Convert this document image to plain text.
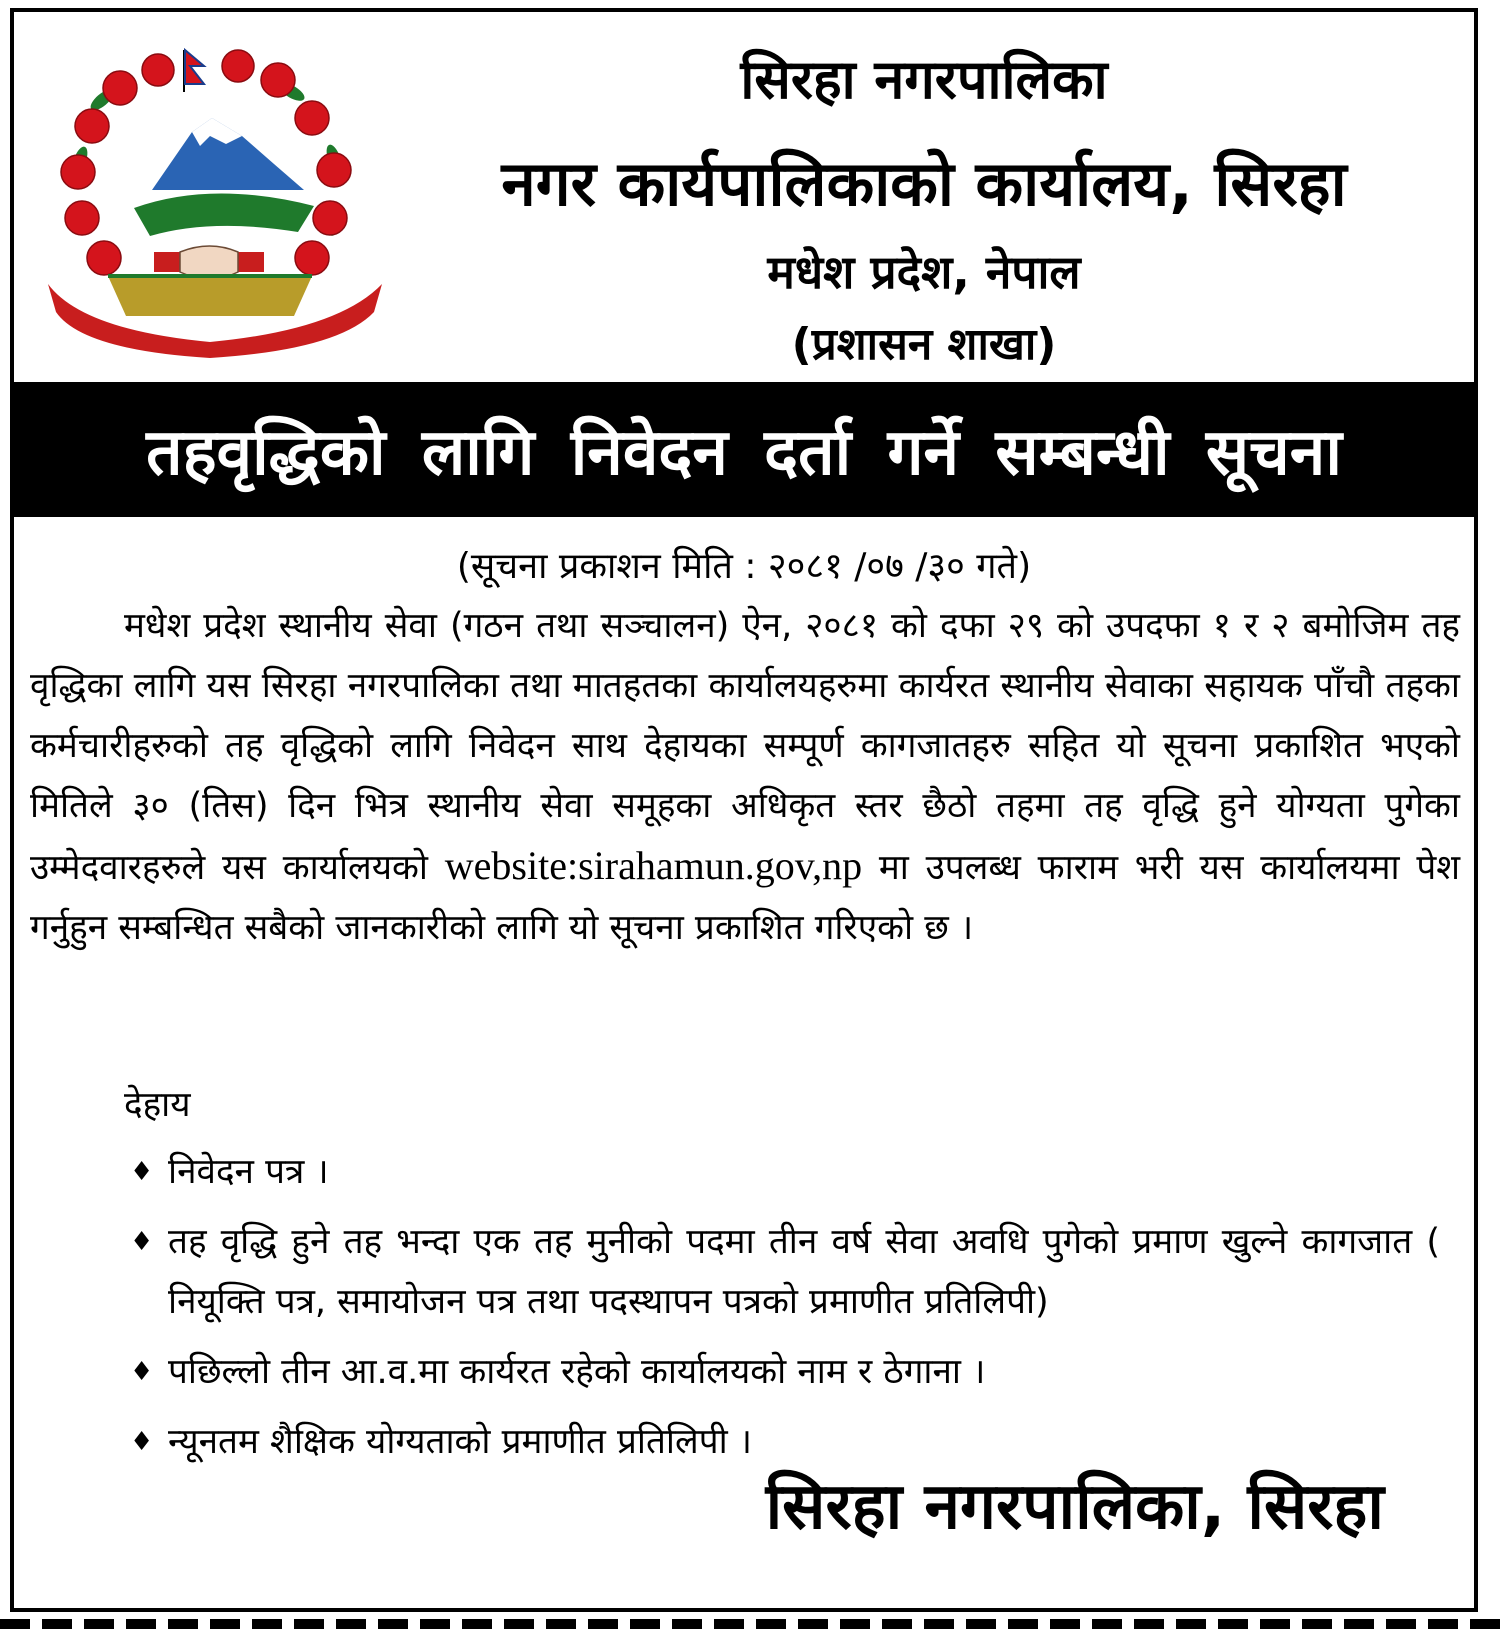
सिरहा नगरपालिका
नगर कार्यपालिकाको कार्यालय, सिरहा
मधेश प्रदेश, नेपाल
(प्रशासन शाखा)
तहवृद्धिको लागि निवेदन दर्ता गर्ने सम्बन्धी सूचना
(सूचना प्रकाशन मिति : २०८१ /०७ /३० गते)
मधेश प्रदेश स्थानीय सेवा (गठन तथा सञ्चालन) ऐन, २०८१ को दफा २९ को उपदफा १ र २ बमोजिम तह वृद्धिका लागि यस सिरहा नगरपालिका तथा मातहतका कार्यालयहरुमा कार्यरत स्थानीय सेवाका सहायक पाँचौ तहका कर्मचारीहरुको तह वृद्धिको लागि निवेदन साथ देहायका सम्पूर्ण कागजातहरु सहित यो सूचना प्रकाशित भएको मितिले ३० (तिस) दिन भित्र स्थानीय सेवा समूहका अधिकृत स्तर छैठो तहमा तह वृद्धि हुने योग्यता पुगेका उम्मेदवारहरुले यस कार्यालयको website:sirahamun.gov,np मा उपलब्ध फाराम भरी यस कार्यालयमा पेश गर्नुहुन सम्बन्धित सबैको जानकारीको लागि यो सूचना प्रकाशित गरिएको छ ।
देहाय
♦ निवेदन पत्र ।
♦ तह वृद्धि हुने तह भन्दा एक तह मुनीको पदमा तीन वर्ष सेवा अवधि पुगेको प्रमाण खुल्ने कागजात ( नियूक्ति पत्र, समायोजन पत्र तथा पदस्थापन पत्रको प्रमाणीत प्रतिलिपी)
♦ पछिल्लो तीन आ.व.मा कार्यरत रहेको कार्यालयको नाम र ठेगाना ।
♦ न्यूनतम शैक्षिक योग्यताको प्रमाणीत प्रतिलिपी ।
सिरहा नगरपालिका, सिरहा
